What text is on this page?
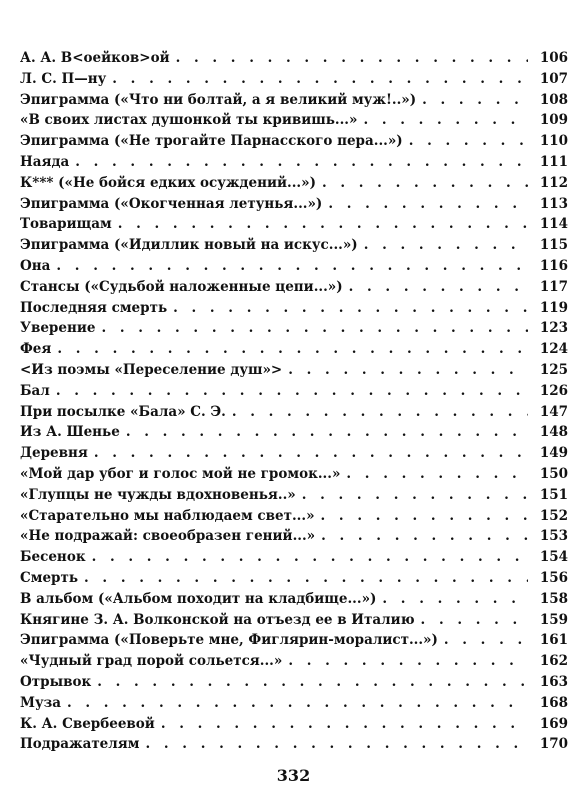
А. А. В<оейков>ой . . .	106
Л. С. П—ну . . .	107
Эпиграмма («Что ни болтай, а я великий муж!..») . . .	108
«В своих листах душонкой ты кривишь...» . . .	109
Эпиграмма («Не трогайте Парнасского пера...») . . .	110
Наяда . . .	111
К*** («Не бойся едких осуждений...») . . .	112
Эпиграмма («Окогченная летунья...») . . .	113
Товарищам . . .	114
Эпиграмма («Идиллик новый на искус...») . . .	115
Она . . .	116
Стансы («Судьбой наложенные цепи...») . . .	117
Последняя смерть . . .	119
Уверение . . .	123
Фея . . .	124
<Из поэмы «Переселение душ»> . . .	125
Бал . . .	126
При посылке «Бала» С. Э. . . .	147
Из А. Шенье . . .	148
Деревня . . .	149
«Мой дар убог и голос мой не громок...» . . .	150
«Глупцы не чужды вдохновенья..» . . .	151
«Старательно мы наблюдаем свет...» . . .	152
«Не подражай: своеобразен гений...» . . .	153
Бесенок . . .	154
Смерть . . .	156
В альбом («Альбом походит на кладбище...») . . .	158
Княгине З. А. Волконской на отъезд ее в Италию . . .	159
Эпиграмма («Поверьте мне, Фиглярин-моралист...») . . .	161
«Чудный град порой сольется...» . . .	162
Отрывок . . .	163
Муза . . .	168
К. А. Свербеевой . . .	169
Подражателям . . .	170
332
